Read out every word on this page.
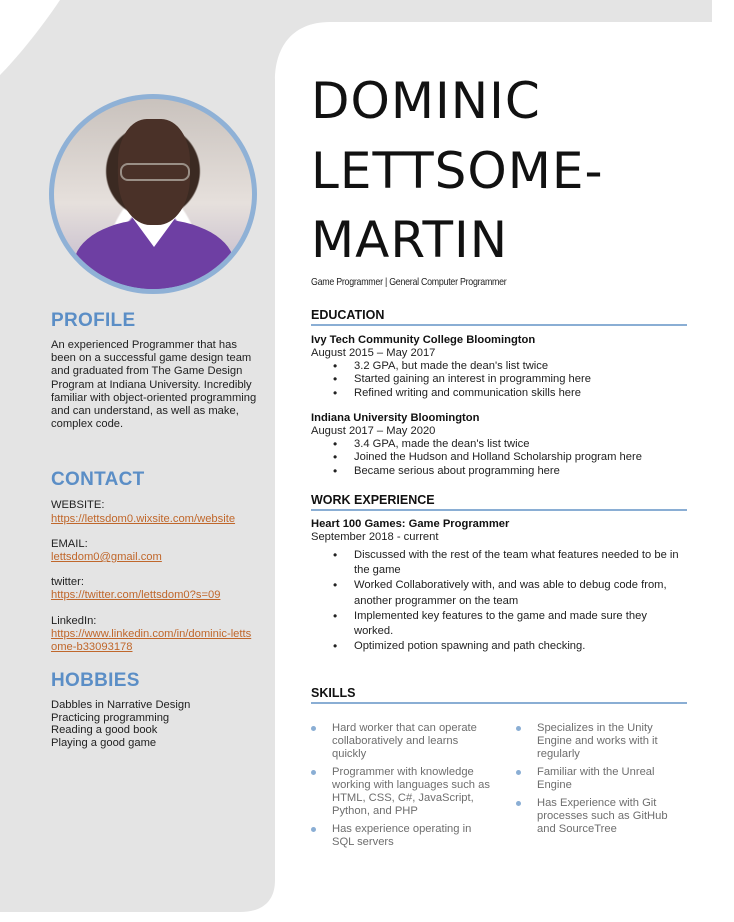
PROFILE
An experienced Programmer that has been on a successful game design team and graduated from The Game Design Program at Indiana University. Incredibly familiar with object-oriented programming and can understand, as well as make, complex code.
CONTACT
WEBSITE:
https://lettsdom0.wixsite.com/website
EMAIL:
lettsdom0@gmail.com
twitter:
https://twitter.com/lettsdom0?s=09
LinkedIn:
https://www.linkedin.com/in/dominic-lettsome-b33093178
HOBBIES
Dabbles in Narrative Design
Practicing programming
Reading a good book
Playing a good game
DOMINIC
LETTSOME-
MARTIN
Game Programmer | General Computer Programmer
EDUCATION
Ivy Tech Community College Bloomington
August 2015 – May 2017
• 3.2 GPA, but made the dean's list twice
• Started gaining an interest in programming here
• Refined writing and communication skills here
Indiana University Bloomington
August 2017 – May 2020
• 3.4 GPA, made the dean's list twice
• Joined the Hudson and Holland Scholarship program here
• Became serious about programming here
WORK EXPERIENCE
Heart 100 Games: Game Programmer
September 2018 - current
• Discussed with the rest of the team what features needed to be in the game
• Worked Collaboratively with, and was able to debug code from, another programmer on the team
• Implemented key features to the game and made sure they worked.
• Optimized potion spawning and path checking.
SKILLS
Hard worker that can operate collaboratively and learns quickly
Programmer with knowledge working with languages such as HTML, CSS, C#, JavaScript, Python, and PHP
Has experience operating in SQL servers
Specializes in the Unity Engine and works with it regularly
Familiar with the Unreal Engine
Has Experience with Git processes such as GitHub and SourceTree
